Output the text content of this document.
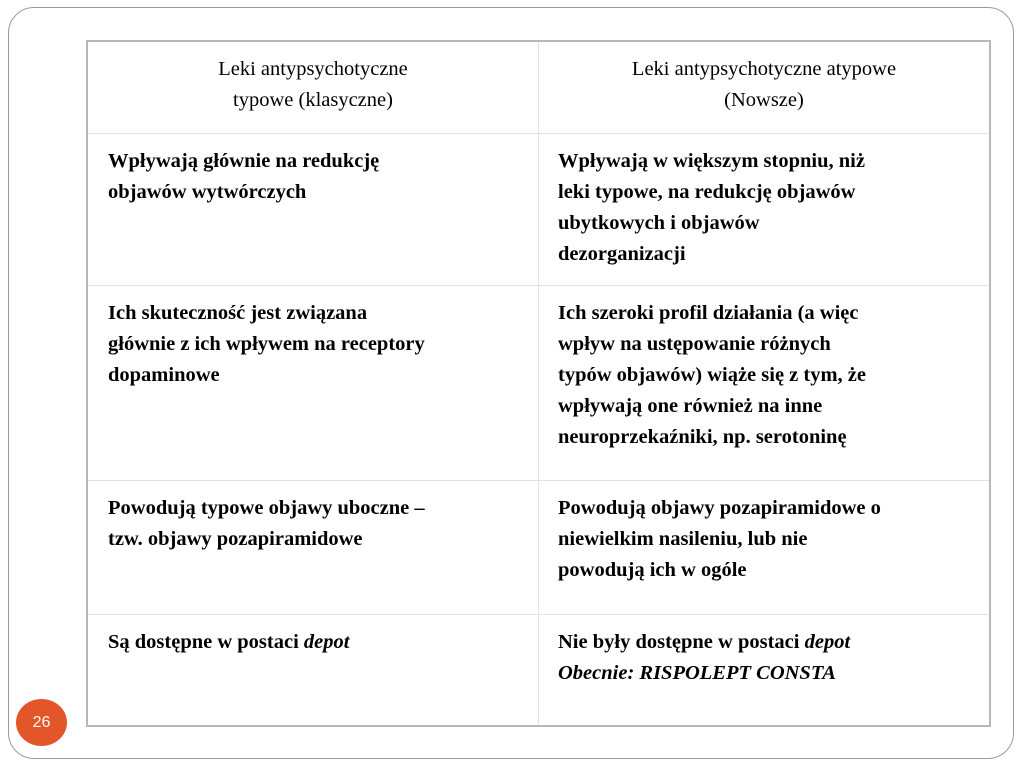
Leki antypsychotyczne
typowe (klasyczne)
Leki antypsychotyczne atypowe
(Nowsze)
Wpływają głównie na redukcję
objawów wytwórczych
Wpływają w większym stopniu, niż
leki typowe, na redukcję objawów
ubytkowych i objawów
dezorganizacji
Ich skuteczność jest związana
głównie z ich wpływem na receptory
dopaminowe
Ich szeroki profil działania (a więc
wpływ na ustępowanie różnych
typów objawów) wiąże się z tym, że
wpływają one również na inne
neuroprzekaźniki, np. serotoninę
Powodują typowe objawy uboczne –
tzw. objawy pozapiramidowe
Powodują objawy pozapiramidowe o
niewielkim nasileniu, lub nie
powodują ich w ogóle
Są dostępne w postaci depot	Nie były dostępne w postaci depot
Obecnie: RISPOLEPT CONSTA
26
